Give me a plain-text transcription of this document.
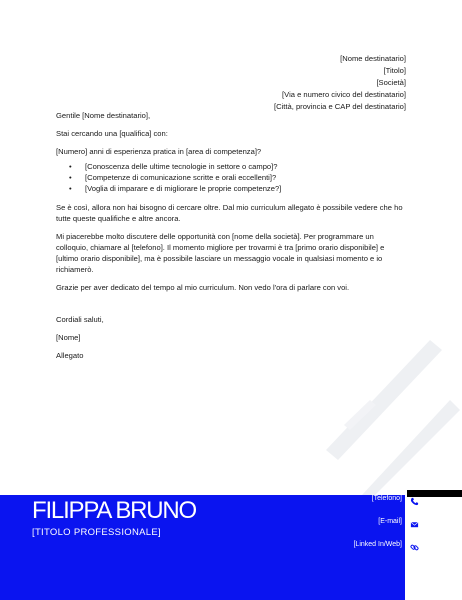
[Nome destinatario]
[Titolo]
[Società]
[Via e numero civico del destinatario]
[Città, provincia e CAP del destinatario]

Gentile [Nome destinatario],

Stai cercando una [qualifica] con:

[Numero] anni di esperienza pratica in [area di competenza]?

• [Conoscenza delle ultime tecnologie in settore o campo]?
• [Competenze di comunicazione scritte e orali eccellenti]?
• [Voglia di imparare e di migliorare le proprie competenze?]

Se è così, allora non hai bisogno di cercare oltre. Dal mio curriculum allegato è possibile vedere che ho tutte queste qualifiche e altre ancora.

Mi piacerebbe molto discutere delle opportunità con [nome della società]. Per programmare un colloquio, chiamare al [telefono]. Il momento migliore per trovarmi è tra [primo orario disponibile] e [ultimo orario disponibile], ma è possibile lasciare un messaggio vocale in qualsiasi momento e io richiamerò.

Grazie per aver dedicato del tempo al mio curriculum. Non vedo l'ora di parlare con voi.

Cordiali saluti,

[Nome]

Allegato

FILIPPA BRUNO
[TITOLO PROFESSIONALE]
[Telefono]
[E-mail]
[Linked In/Web]
